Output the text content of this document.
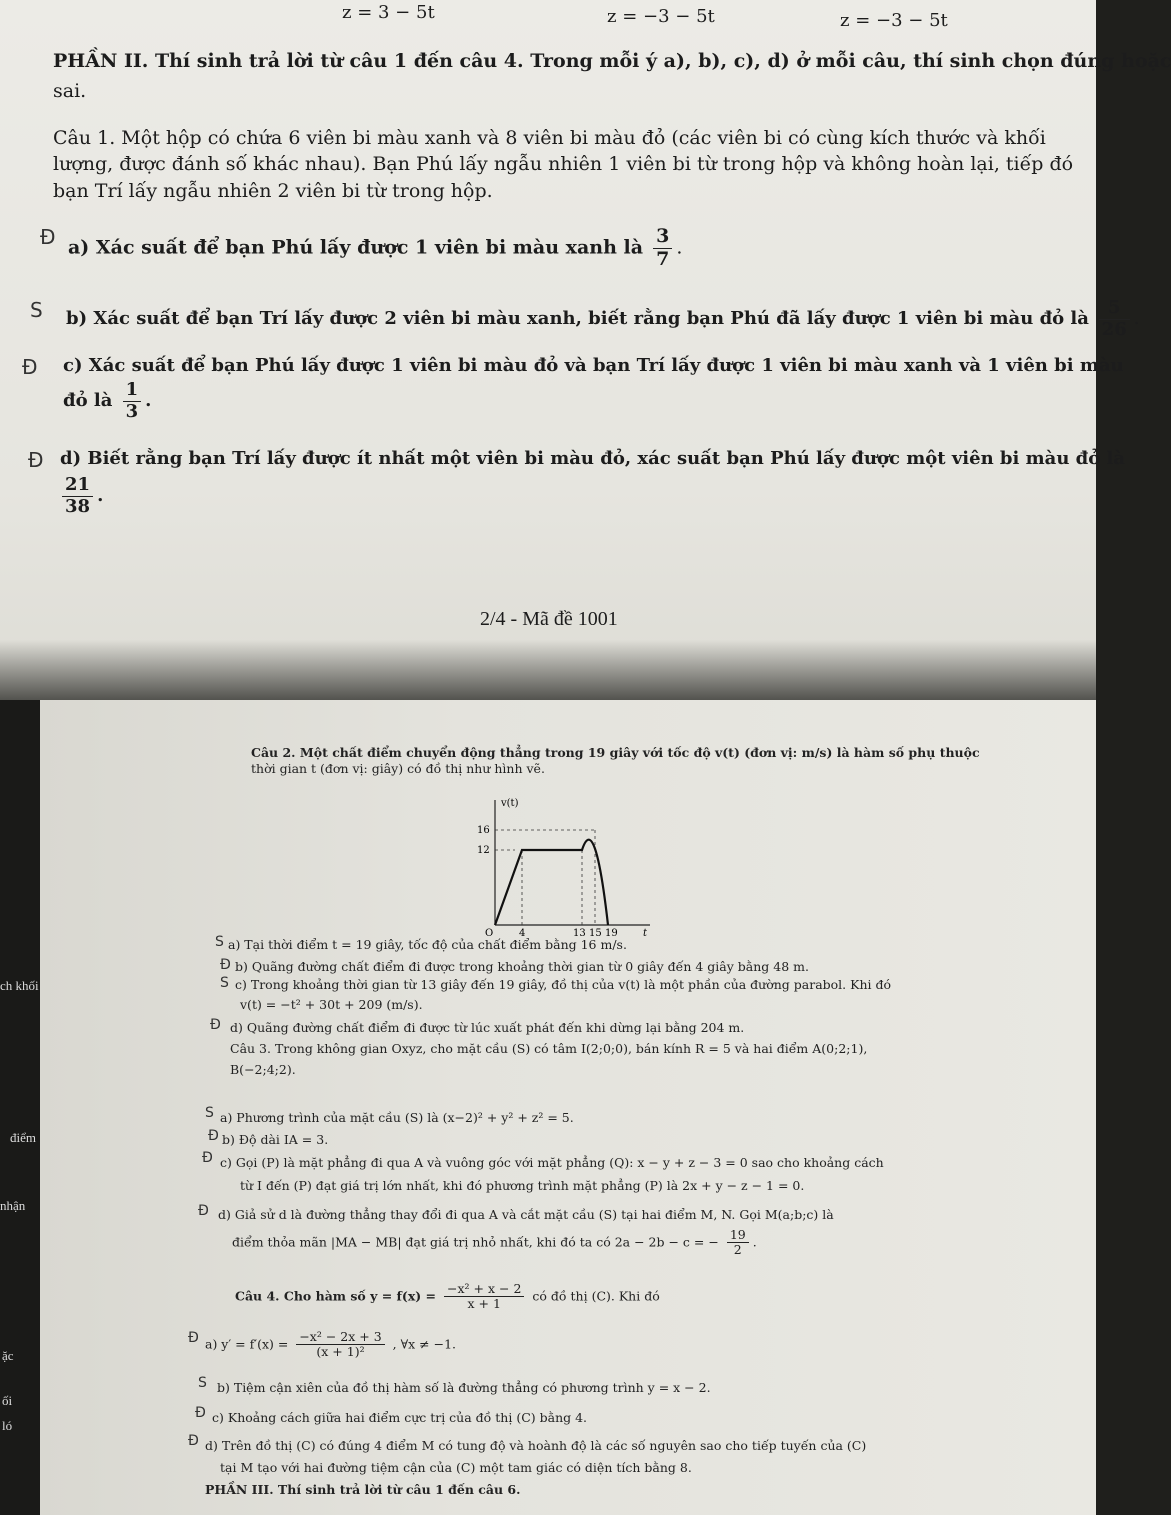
z = 3 − 5t	z = −3 − 5t	z = −3 − 5t
PHẦN II. Thí sinh trả lời từ câu 1 đến câu 4. Trong mỗi ý a), b), c), d) ở mỗi câu, thí sinh chọn đúng hoặc
sai.
Câu 1. Một hộp có chứa 6 viên bi màu xanh và 8 viên bi màu đỏ (các viên bi có cùng kích thước và khối
lượng, được đánh số khác nhau). Bạn Phú lấy ngẫu nhiên 1 viên bi từ trong hộp và không hoàn lại, tiếp đó
bạn Trí lấy ngẫu nhiên 2 viên bi từ trong hộp.
Đ a) Xác suất để bạn Phú lấy được 1 viên bi màu xanh là $\frac{3}{7}$ .
S b) Xác suất để bạn Trí lấy được 2 viên bi màu xanh, biết rằng bạn Phú đã lấy được 1 viên bi màu đỏ là $\frac{5}{26}$ .
Đ c) Xác suất để bạn Phú lấy được 1 viên bi màu đỏ và bạn Trí lấy được 1 viên bi màu xanh và 1 viên bi màu
đỏ là $\frac{1}{3}$ .
Đ d) Biết rằng bạn Trí lấy được ít nhất một viên bi màu đỏ, xác suất bạn Phú lấy được một viên bi màu đỏ là
$\frac{21}{38}$ .
2/4 - Mã đề 1001
Câu 2. Một chất điểm chuyển động thẳng trong 19 giây với tốc độ v(t) (đơn vị: m/s) là hàm số phụ thuộc
thời gian t (đơn vị: giây) có đồ thị như hình vẽ.
v(t)
16
12
O	4	13 15 19	t
S a) Tại thời điểm t = 19 giây, tốc độ của chất điểm bằng 16 m/s.
Đ b) Quãng đường chất điểm đi được trong khoảng thời gian từ 0 giây đến 4 giây bằng 48 m.
S c) Trong khoảng thời gian từ 13 giây đến 19 giây, đồ thị của v(t) là một phần của đường parabol. Khi đó
v(t) = −t² + 30t + 209 (m/s).
Đ d) Quãng đường chất điểm đi được từ lúc xuất phát đến khi dừng lại bằng 204 m.
Câu 3. Trong không gian Oxyz, cho mặt cầu (S) có tâm I(2;0;0), bán kính R = 5 và hai điểm A(0;2;1),
B(−2;4;2).
S a) Phương trình của mặt cầu (S) là (x−2)² + y² + z² = 5.
Đ b) Độ dài IA = 3.
Đ c) Gọi (P) là mặt phẳng đi qua A và vuông góc với mặt phẳng (Q): x − y + z − 3 = 0 sao cho khoảng cách
từ I đến (P) đạt giá trị lớn nhất, khi đó phương trình mặt phẳng (P) là 2x + y − z − 1 = 0.
Đ d) Giả sử d là đường thẳng thay đổi đi qua A và cắt mặt cầu (S) tại hai điểm M, N. Gọi M(a;b;c) là
điểm thỏa mãn |MA − MB| đạt giá trị nhỏ nhất, khi đó ta có 2a − 2b − c = − $\frac{19}{2}$ .
Câu 4. Cho hàm số $y = f(x) = \frac{\text{−x² + x − 2}}{x + 1}$ có đồ thị (C). Khi đó
Đ a) $y' = f'(x) = \frac{\text{−x² − 2x + 3}}{\text{(x + 1)²}}$ , ∀x ≠ −1.
S b) Tiệm cận xiên của đồ thị hàm số là đường thẳng có phương trình y = x − 2.
Đ c) Khoảng cách giữa hai điểm cực trị của đồ thị (C) bằng 4.
Đ d) Trên đồ thị (C) có đúng 4 điểm M có tung độ và hoành độ là các số nguyên sao cho tiếp tuyến của (C)
tại M tạo với hai đường tiệm cận của (C) một tam giác có diện tích bằng 8.
PHẦN III. Thí sinh trả lời từ câu 1 đến câu 6.
ch khối
điểm
nhận
ặc
ối
ló
